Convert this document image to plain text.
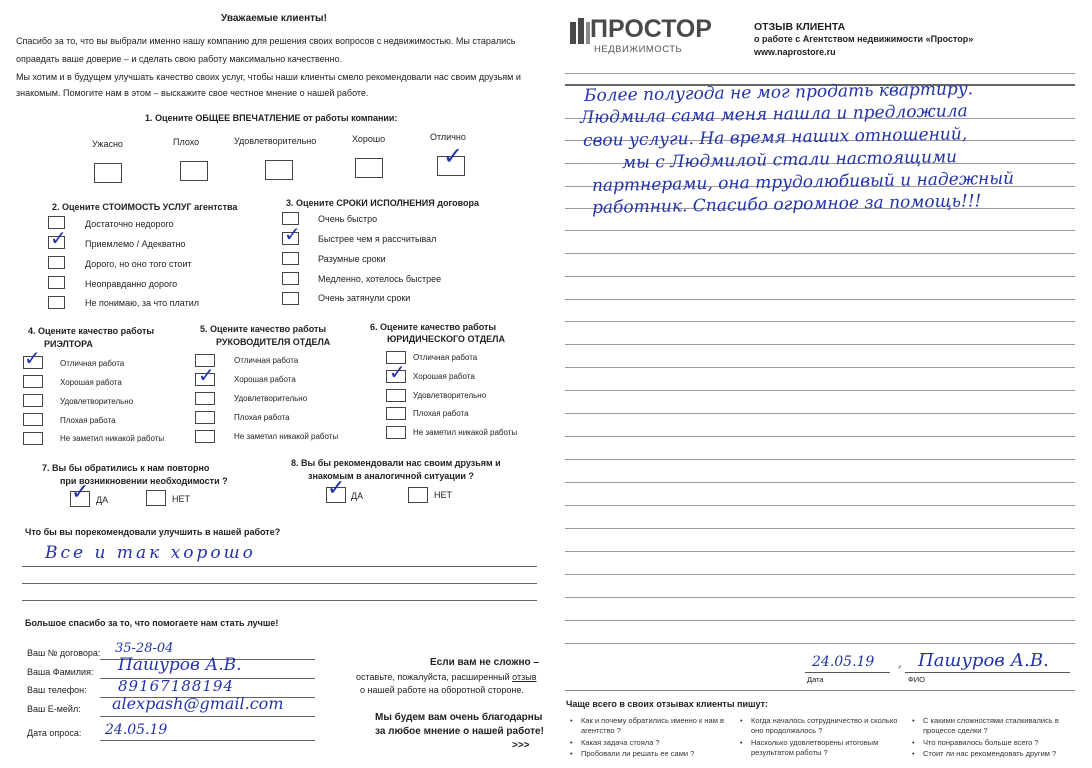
Уважаемые клиенты!
Спасибо за то, что вы выбрали именно нашу компанию для решения своих вопросов с недвижимостью. Мы старались
оправдать ваше доверие – и сделать свою работу максимально качественно.
Мы хотим и в будущем улучшать качество своих услуг, чтобы наши клиенты смело рекомендовали нас своим друзьям и
знакомым. Помогите нам в этом – выскажите свое честное мнение о нашей работе.
1. Оцените ОБЩЕЕ ВПЕЧАТЛЕНИЕ от работы компании:
Ужасно	Плохо	Удовлетворительно	Хорошо	Отлично
✓
2. Оцените СТОИМОСТЬ УСЛУГ агентства
✓
Достаточно недорого
Приемлемо / Адекватно
Дорого, но оно того стоит
Неоправданно дорого
Не понимаю, за что платил
3. Оцените СРОКИ ИСПОЛНЕНИЯ договора
✓
Очень быстро
Быстрее чем я рассчитывал
Разумные сроки
Медленно, хотелось быстрее
Очень затянули сроки
4. Оцените качество работы
РИЭЛТОРА
✓ Отличная работа
Хорошая работа
Удовлетворительно
Плохая работа
Не заметил никакой работы
5. Оцените качество работы
РУКОВОДИТЕЛЯ ОТДЕЛА
✓
Отличная работа
Хорошая работа
Удовлетворительно
Плохая работа
Не заметил никакой работы
6. Оцените качество работы
ЮРИДИЧЕСКОГО ОТДЕЛА
✓
Отличная работа
Хорошая работа
Удовлетворительно
Плохая работа
Не заметил никакой работы
7. Вы бы обратились к нам повторно
при возникновении необходимости ?
✓ ДА	НЕТ
8. Вы бы рекомендовали нас своим друзьям и
знакомым в аналогичной ситуации ?
✓ ДА	НЕТ
Что бы вы порекомендовали улучшить в нашей работе?
Все и так хорошо
Большое спасибо за то, что помогаете нам стать лучше!
Ваш № договора: 35-28-04
Ваша Фамилия: Пашуров А.В.
Ваш телефон: 89167188194
Ваш E-мейл: alexpash@gmail.com
Дата опроса: 24.05.19
Если вам не сложно –
оставьте, пожалуйста, расширенный отзыв
о нашей работе на оборотной стороне.
Мы будем вам очень благодарны
за любое мнение о нашей работе!
>>>
ПРОСТОР
НЕДВИЖИМОСТЬ
ОТЗЫВ КЛИЕНТА
о работе с Агентством недвижимости «Простор»
www.naprostore.ru
Более полугода не мог продать квартиру.
Людмила сама меня нашла и предложила
свои услуги. На время наших отношений,
мы с Людмилой стали настоящими
партнерами, она трудолюбивый и надежный
работник. Спасибо огромное за помощь!!!
24.05.19 , Пашуров А.В.
Дата	ФИО
Чаще всего в своих отзывах клиенты пишут:
• Как и почему обратились именно к нам в агентство ?
• Какая задача стояла ?
• Пробовали ли решать ее сами ?
• Когда началось сотрудничество и сколько оно продолжалось ?
• Насколько удовлетворены итоговым результатом работы ?
• С какими сложностями сталкивались в процессе сделки ?
• Что понравилось больше всего ?
• Стоит ли нас рекомендовать другим ?
